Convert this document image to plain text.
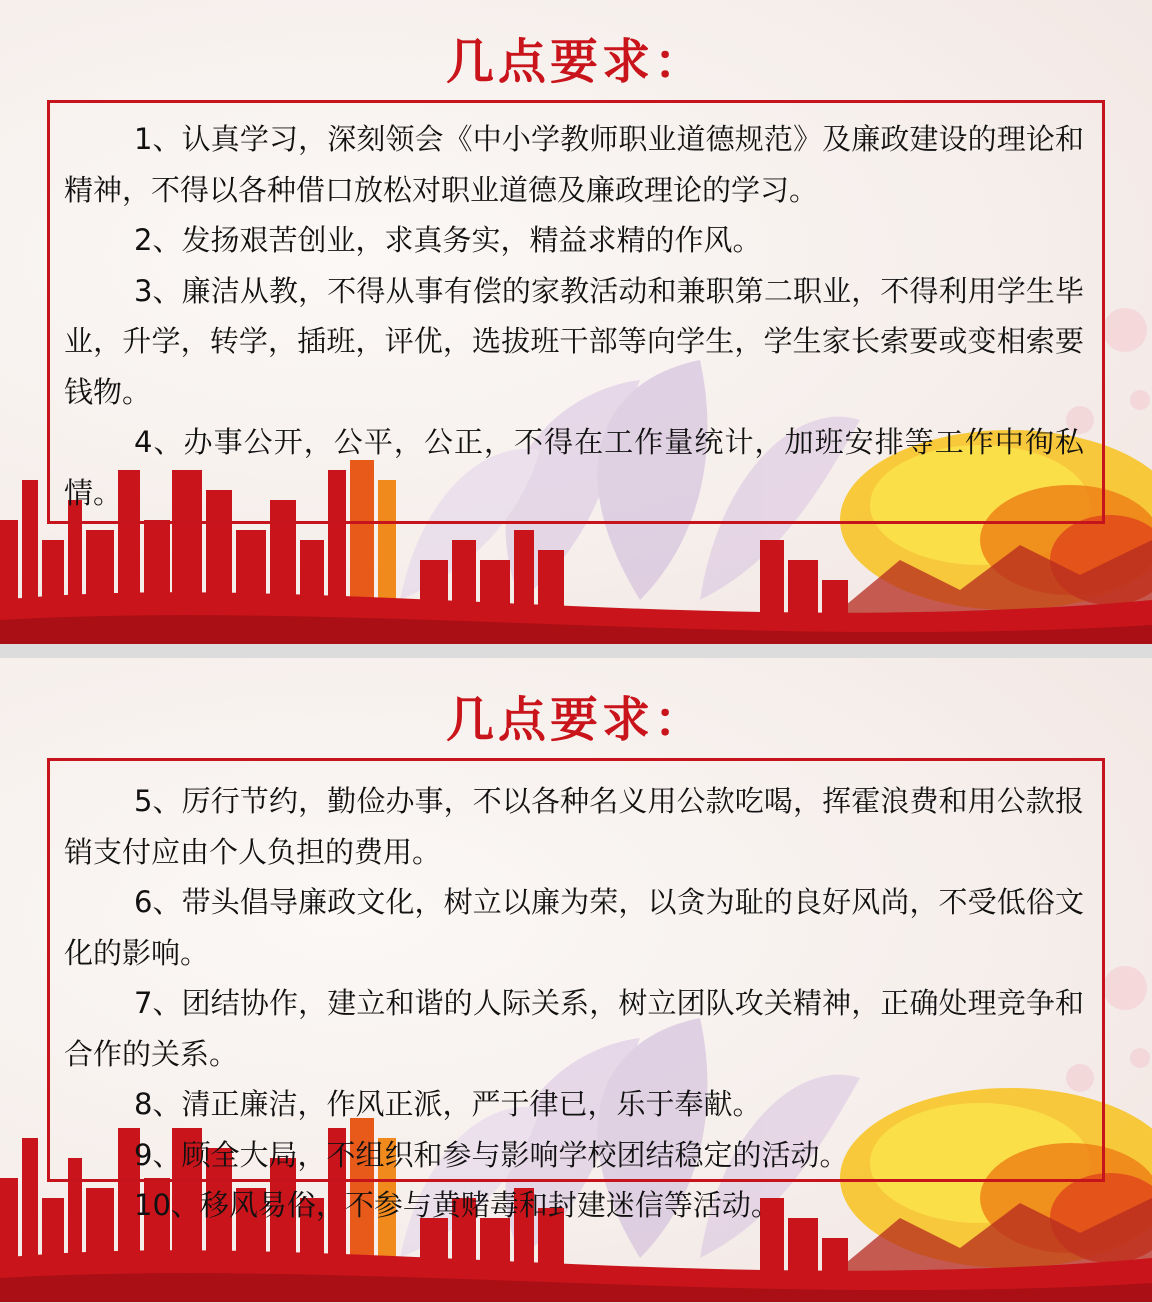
几点要求：

1、认真学习，深刻领会《中小学教师职业道德规范》及廉政建设的理论和精神，不得以各种借口放松对职业道德及廉政理论的学习。

2、发扬艰苦创业，求真务实，精益求精的作风。

3、廉洁从教，不得从事有偿的家教活动和兼职第二职业，不得利用学生毕业，升学，转学，插班，评优，选拔班干部等向学生，学生家长索要或变相索要钱物。

4、办事公开，公平，公正，不得在工作量统计，加班安排等工作中徇私情。

几点要求：

5、厉行节约，勤俭办事，不以各种名义用公款吃喝，挥霍浪费和用公款报销支付应由个人负担的费用。

6、带头倡导廉政文化，树立以廉为荣，以贪为耻的良好风尚，不受低俗文化的影响。

7、团结协作，建立和谐的人际关系，树立团队攻关精神，正确处理竞争和合作的关系。

8、清正廉洁，作风正派，严于律已，乐于奉献。

9、顾全大局，不组织和参与影响学校团结稳定的活动。

10、移风易俗，不参与黄赌毒和封建迷信等活动。
